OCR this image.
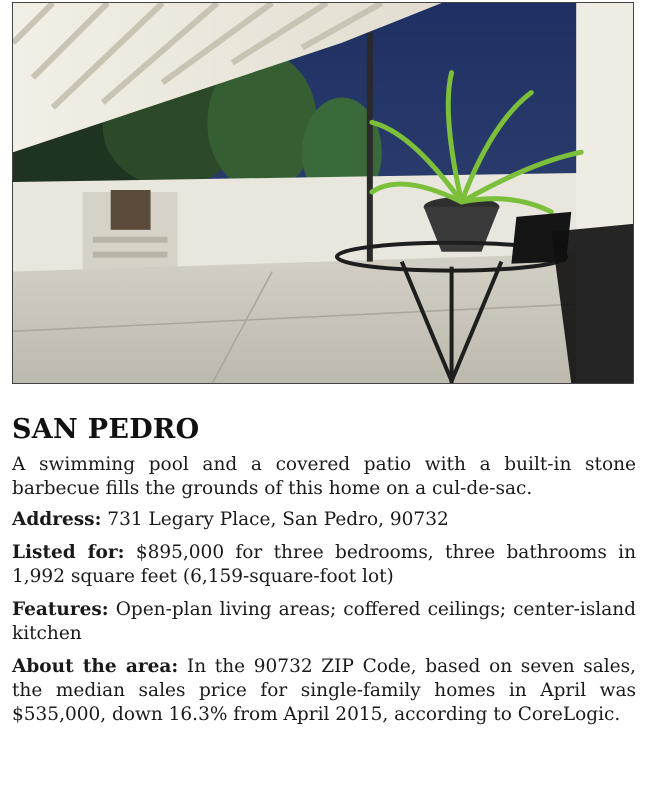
SAN PEDRO

A swimming pool and a covered patio with a built-in stone barbecue fills the grounds of this home on a cul-de-sac.

Address: 731 Legary Place, San Pedro, 90732

Listed for: $895,000 for three bedrooms, three bathrooms in 1,992 square feet (6,159-square-foot lot)

Features: Open-plan living areas; coffered ceilings; center-island kitchen

About the area: In the 90732 ZIP Code, based on seven sales, the median sales price for single-family homes in April was $535,000, down 16.3% from April 2015, according to CoreLogic.
